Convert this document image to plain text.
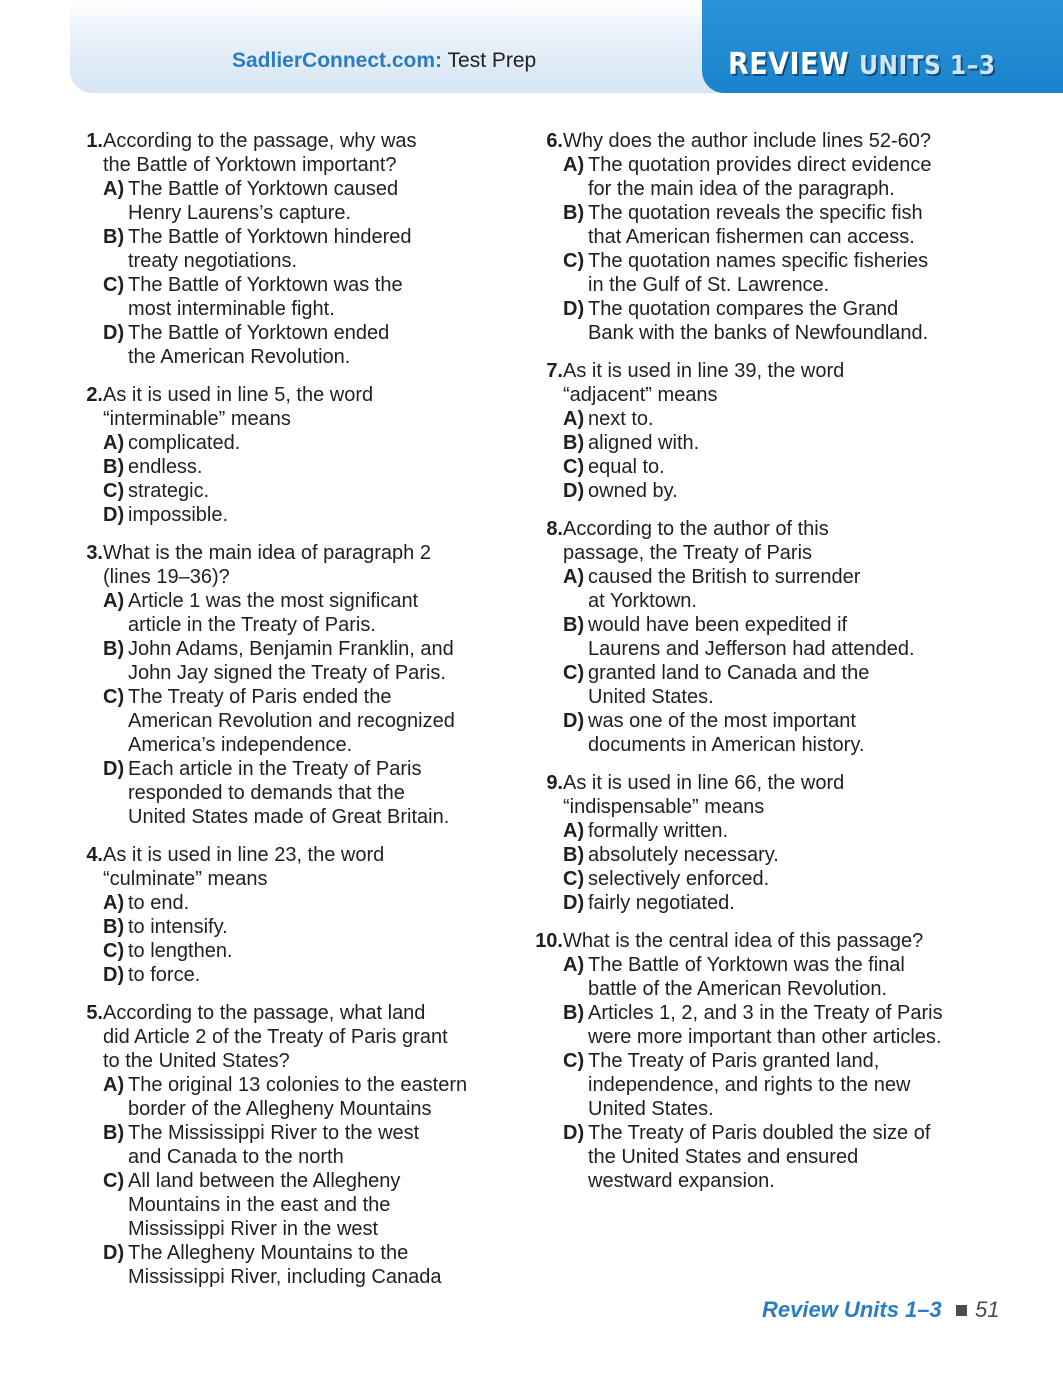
SadlierConnect.com: Test Prep	REVIEW UNITS 1–3
1. According to the passage, why was
the Battle of Yorktown important?
A) The Battle of Yorktown caused
Henry Laurens’s capture.
B) The Battle of Yorktown hindered
treaty negotiations.
C) The Battle of Yorktown was the
most interminable fight.
D) The Battle of Yorktown ended
the American Revolution.
2. As it is used in line 5, the word
“interminable” means
A) complicated.
B) endless.
C) strategic.
D) impossible.
3. What is the main idea of paragraph 2
(lines 19–36)?
A) Article 1 was the most significant
article in the Treaty of Paris.
B) John Adams, Benjamin Franklin, and
John Jay signed the Treaty of Paris.
C) The Treaty of Paris ended the
American Revolution and recognized
America’s independence.
D) Each article in the Treaty of Paris
responded to demands that the
United States made of Great Britain.
4. As it is used in line 23, the word
“culminate” means
A) to end.
B) to intensify.
C) to lengthen.
D) to force.
5. According to the passage, what land
did Article 2 of the Treaty of Paris grant
to the United States?
A) The original 13 colonies to the eastern
border of the Allegheny Mountains
B) The Mississippi River to the west
and Canada to the north
C) All land between the Allegheny
Mountains in the east and the
Mississippi River in the west
D) The Allegheny Mountains to the
Mississippi River, including Canada
6. Why does the author include lines 52-60?
A) The quotation provides direct evidence
for the main idea of the paragraph.
B) The quotation reveals the specific fish
that American fishermen can access.
C) The quotation names specific fisheries
in the Gulf of St. Lawrence.
D) The quotation compares the Grand
Bank with the banks of Newfoundland.
7. As it is used in line 39, the word
“adjacent” means
A) next to.
B) aligned with.
C) equal to.
D) owned by.
8. According to the author of this
passage, the Treaty of Paris
A) caused the British to surrender
at Yorktown.
B) would have been expedited if
Laurens and Jefferson had attended.
C) granted land to Canada and the
United States.
D) was one of the most important
documents in American history.
9. As it is used in line 66, the word
“indispensable” means
A) formally written.
B) absolutely necessary.
C) selectively enforced.
D) fairly negotiated.
10. What is the central idea of this passage?
A) The Battle of Yorktown was the final
battle of the American Revolution.
B) Articles 1, 2, and 3 in the Treaty of Paris
were more important than other articles.
C) The Treaty of Paris granted land,
independence, and rights to the new
United States.
D) The Treaty of Paris doubled the size of
the United States and ensured
westward expansion.
Review Units 1–3 51
